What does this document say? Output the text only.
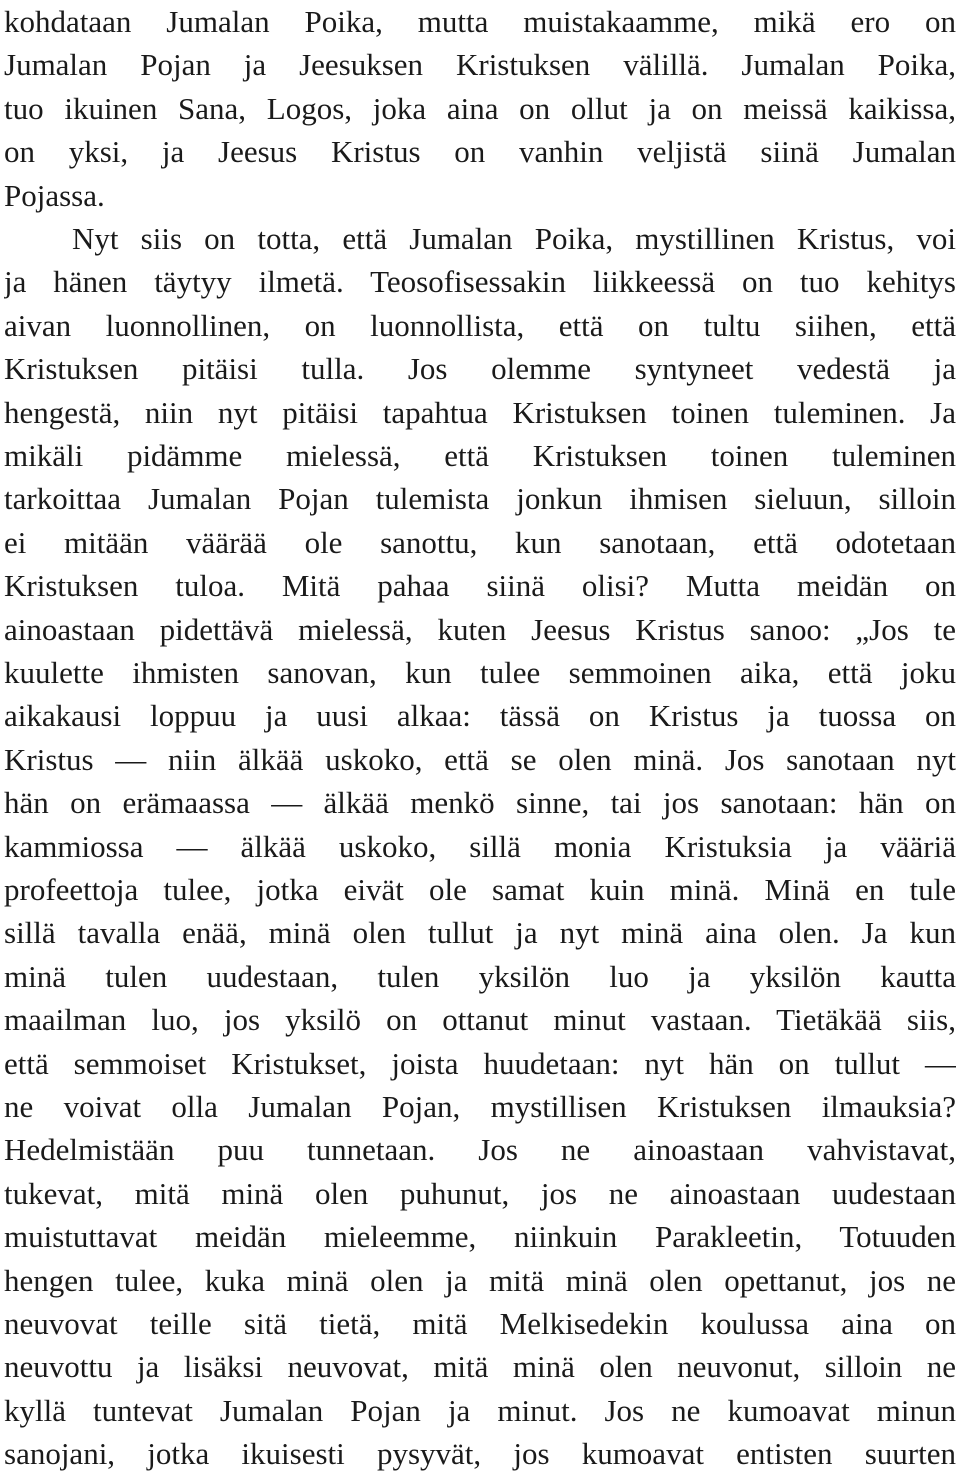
kohdataan Jumalan Poika, mutta muistakaamme, mikä ero on
Jumalan Pojan ja Jeesuksen Kristuksen välillä. Jumalan Poika,
tuo ikuinen Sana, Logos, joka aina on ollut ja on meissä kaikissa,
on yksi, ja Jeesus Kristus on vanhin veljistä siinä Jumalan
Pojassa.
Nyt siis on totta, että Jumalan Poika, mystillinen Kristus, voi
ja hänen täytyy ilmetä. Teosofisessakin liikkeessä on tuo kehitys
aivan luonnollinen, on luonnollista, että on tultu siihen, että
Kristuksen pitäisi tulla. Jos olemme syntyneet vedestä ja
hengestä, niin nyt pitäisi tapahtua Kristuksen toinen tuleminen. Ja
mikäli pidämme mielessä, että Kristuksen toinen tuleminen
tarkoittaa Jumalan Pojan tulemista jonkun ihmisen sieluun, silloin
ei mitään väärää ole sanottu, kun sanotaan, että odotetaan
Kristuksen tuloa. Mitä pahaa siinä olisi? Mutta meidän on
ainoastaan pidettävä mielessä, kuten Jeesus Kristus sanoo: „Jos te
kuulette ihmisten sanovan, kun tulee semmoinen aika, että joku
aikakausi loppuu ja uusi alkaa: tässä on Kristus ja tuossa on
Kristus — niin älkää uskoko, että se olen minä. Jos sanotaan nyt
hän on erämaassa — älkää menkö sinne, tai jos sanotaan: hän on
kammiossa — älkää uskoko, sillä monia Kristuksia ja vääriä
profeettoja tulee, jotka eivät ole samat kuin minä. Minä en tule
sillä tavalla enää, minä olen tullut ja nyt minä aina olen. Ja kun
minä tulen uudestaan, tulen yksilön luo ja yksilön kautta
maailman luo, jos yksilö on ottanut minut vastaan. Tietäkää siis,
että semmoiset Kristukset, joista huudetaan: nyt hän on tullut —
ne voivat olla Jumalan Pojan, mystillisen Kristuksen ilmauksia?
Hedelmistään puu tunnetaan. Jos ne ainoastaan vahvistavat,
tukevat, mitä minä olen puhunut, jos ne ainoastaan uudestaan
muistuttavat meidän mieleemme, niinkuin Parakleetin, Totuuden
hengen tulee, kuka minä olen ja mitä minä olen opettanut, jos ne
neuvovat teille sitä tietä, mitä Melkisedekin koulussa aina on
neuvottu ja lisäksi neuvovat, mitä minä olen neuvonut, silloin ne
kyllä tuntevat Jumalan Pojan ja minut. Jos ne kumoavat minun
sanojani, jotka ikuisesti pysyvät, jos kumoavat entisten suurten
